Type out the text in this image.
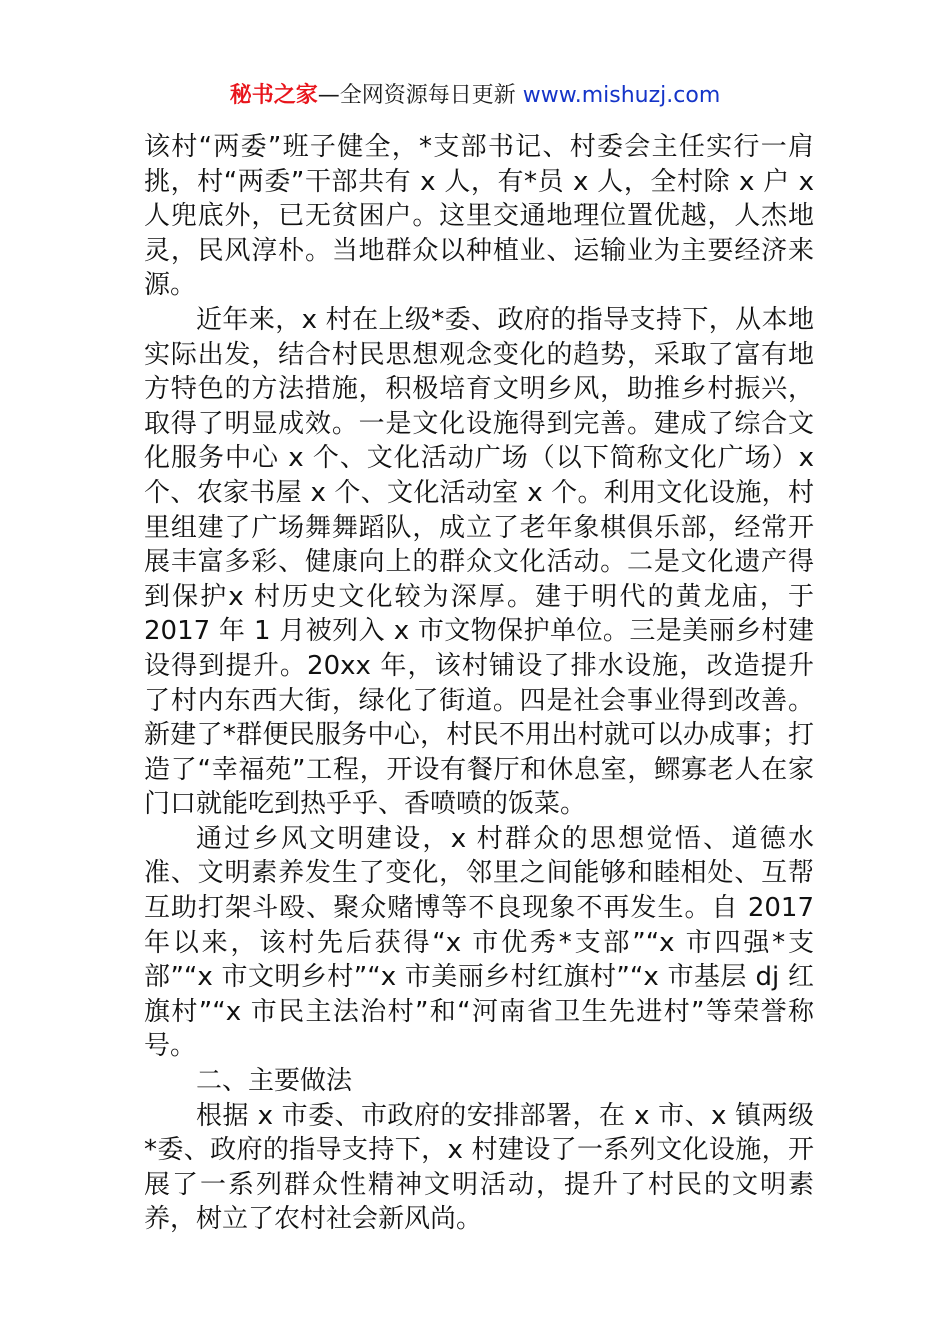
秘书之家—全网资源每日更新 www.mishuzj.com

该村“两委”班子健全，*支部书记、村委会主任实行一肩挑，村“两委”干部共有 x 人，有*员 x 人，全村除 x 户 x 人兜底外，已无贫困户。这里交通地理位置优越，人杰地灵，民风淳朴。当地群众以种植业、运输业为主要经济来源。

近年来，x 村在上级*委、政府的指导支持下，从本地实际出发，结合村民思想观念变化的趋势，采取了富有地方特色的方法措施，积极培育文明乡风，助推乡村振兴，取得了明显成效。一是文化设施得到完善。建成了综合文化服务中心 x 个、文化活动广场（以下简称文化广场）x 个、农家书屋 x 个、文化活动室 x 个。利用文化设施，村里组建了广场舞舞蹈队，成立了老年象棋俱乐部，经常开展丰富多彩、健康向上的群众文化活动。二是文化遗产得到保护x 村历史文化较为深厚。建于明代的黄龙庙，于 2017 年 1 月被列入 x 市文物保护单位。三是美丽乡村建设得到提升。20xx 年，该村铺设了排水设施，改造提升了村内东西大街，绿化了街道。四是社会事业得到改善。新建了*群便民服务中心，村民不用出村就可以办成事；打造了“幸福苑”工程，开设有餐厅和休息室，鳏寡老人在家门口就能吃到热乎乎、香喷喷的饭菜。

通过乡风文明建设，x 村群众的思想觉悟、道德水准、文明素养发生了变化，邻里之间能够和睦相处、互帮互助打架斗殴、聚众赌博等不良现象不再发生。自 2017 年以来，该村先后获得“x 市优秀*支部”“x 市四强*支部”“x 市文明乡村”“x 市美丽乡村红旗村”“x 市基层 dj 红旗村”“x 市民主法治村”和“河南省卫生先进村”等荣誉称号。

二、主要做法

根据 x 市委、市政府的安排部署，在 x 市、x 镇两级*委、政府的指导支持下，x 村建设了一系列文化设施，开展了一系列群众性精神文明活动，提升了村民的文明素养，树立了农村社会新风尚。
